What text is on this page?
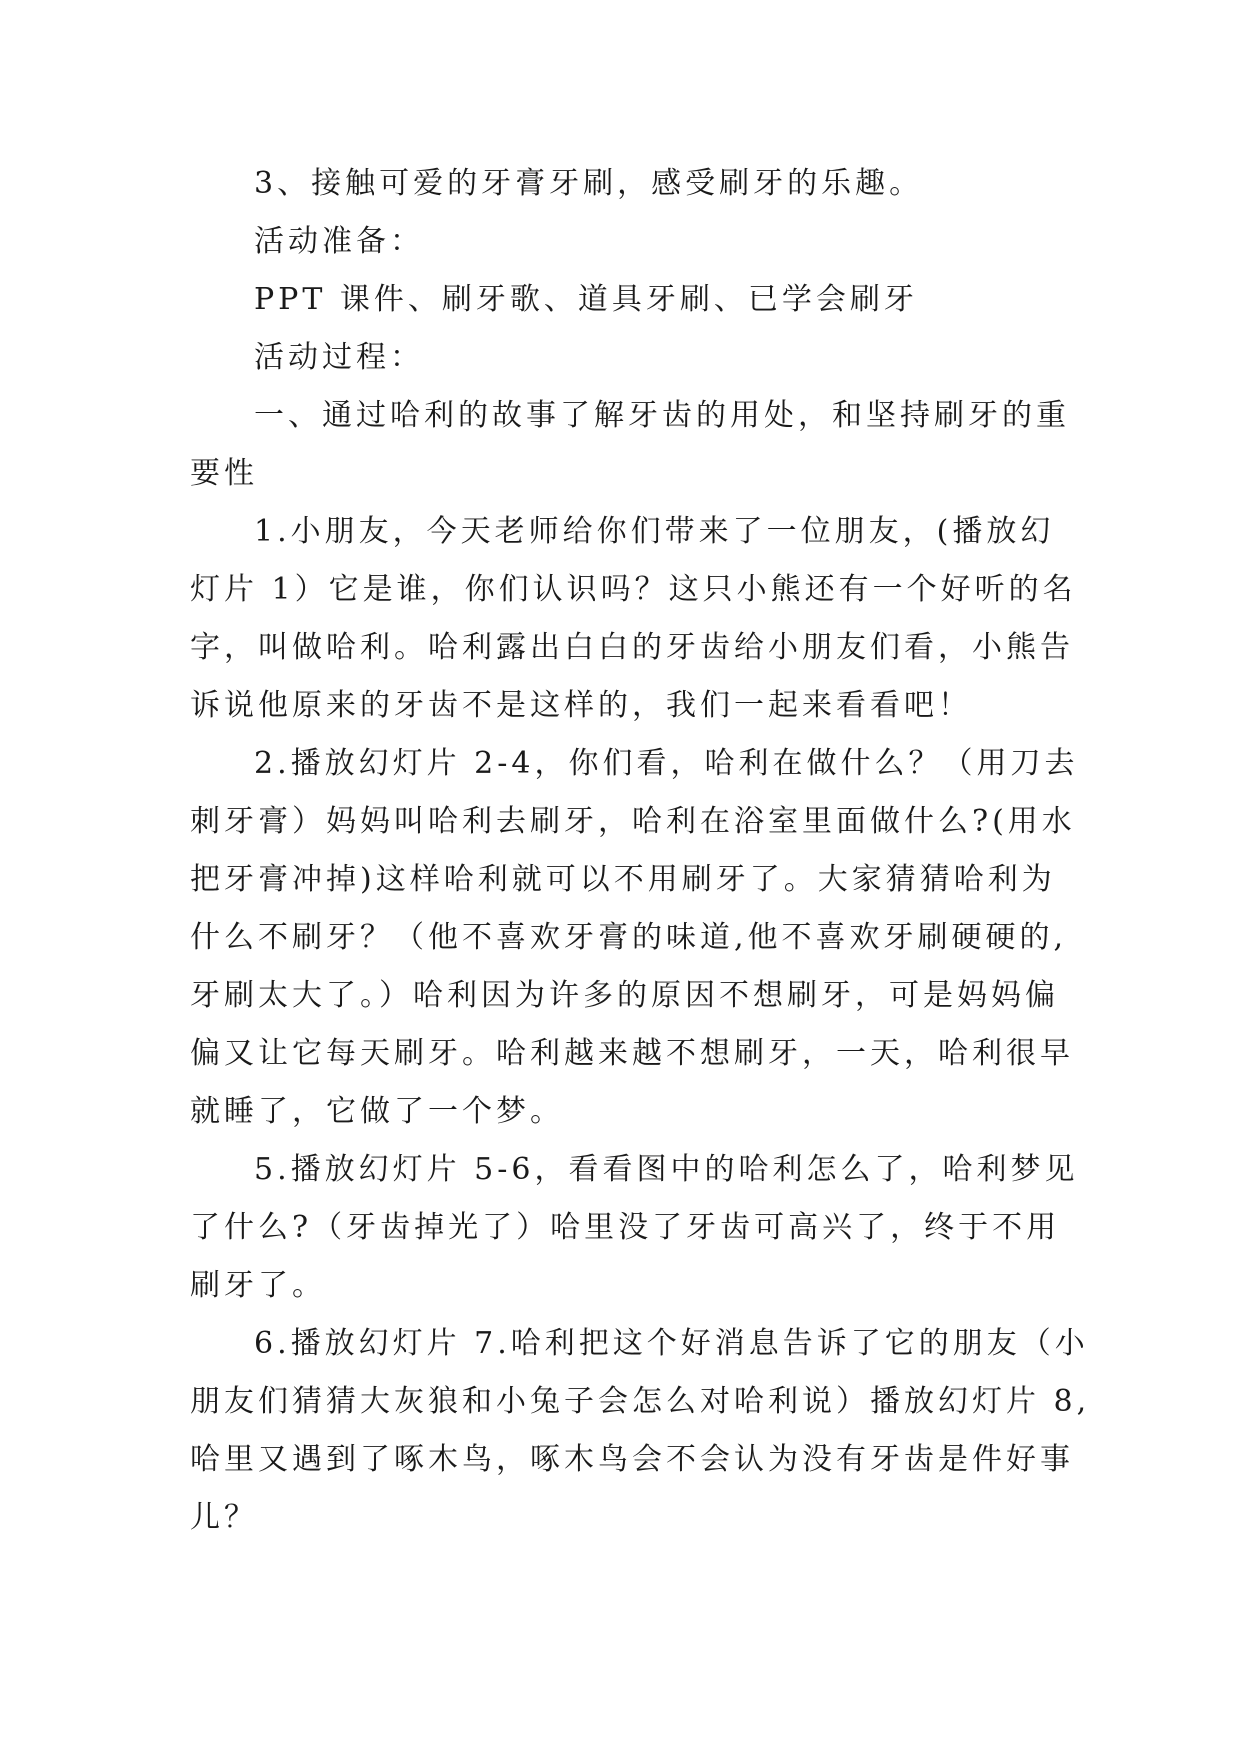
3、接触可爱的牙膏牙刷，感受刷牙的乐趣。
活动准备：
PPT 课件、刷牙歌、道具牙刷、已学会刷牙
活动过程：
一、通过哈利的故事了解牙齿的用处，和坚持刷牙的重
要性
1.小朋友，今天老师给你们带来了一位朋友，(播放幻
灯片 1）它是谁，你们认识吗？这只小熊还有一个好听的名
字，叫做哈利。哈利露出白白的牙齿给小朋友们看，小熊告
诉说他原来的牙齿不是这样的，我们一起来看看吧！
2.播放幻灯片 2-4，你们看，哈利在做什么？（用刀去
刺牙膏）妈妈叫哈利去刷牙，哈利在浴室里面做什么?(用水
把牙膏冲掉)这样哈利就可以不用刷牙了。大家猜猜哈利为
什么不刷牙？（他不喜欢牙膏的味道,他不喜欢牙刷硬硬的,
牙刷太大了。）哈利因为许多的原因不想刷牙，可是妈妈偏
偏又让它每天刷牙。哈利越来越不想刷牙，一天，哈利很早
就睡了，它做了一个梦。
5.播放幻灯片 5-6，看看图中的哈利怎么了，哈利梦见
了什么?（牙齿掉光了）哈里没了牙齿可高兴了，终于不用
刷牙了。
6.播放幻灯片 7.哈利把这个好消息告诉了它的朋友（小
朋友们猜猜大灰狼和小兔子会怎么对哈利说）播放幻灯片 8,
哈里又遇到了啄木鸟，啄木鸟会不会认为没有牙齿是件好事
儿？
